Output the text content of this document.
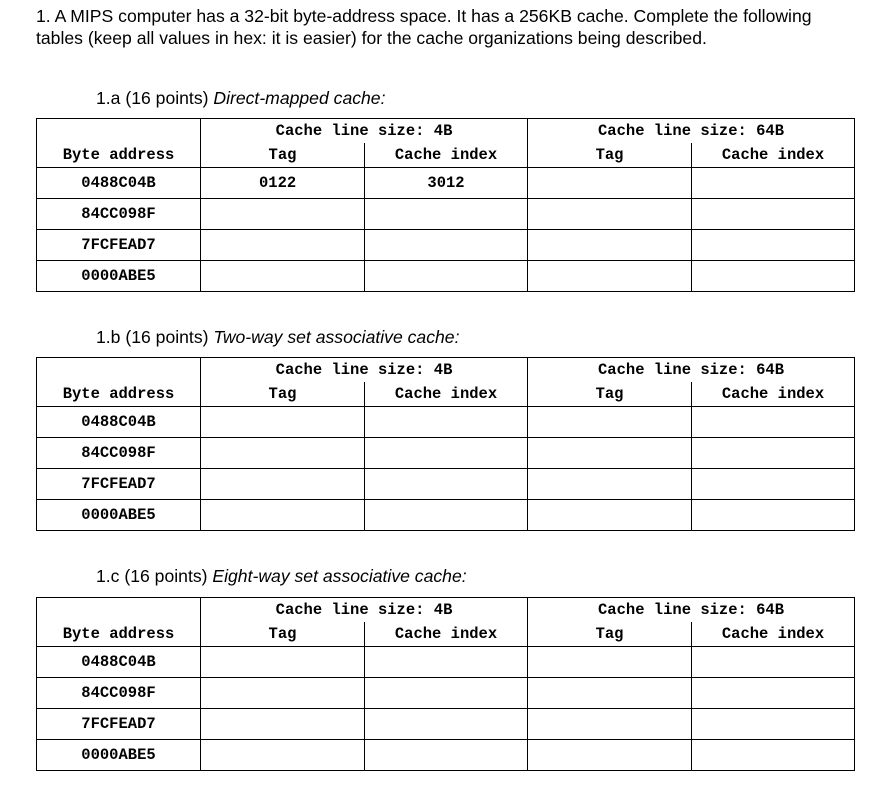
1. A MIPS computer has a 32-bit byte-address space. It has a 256KB cache. Complete the following tables (keep all values in hex: it is easier) for the cache organizations being described.
1.a (16 points) Direct-mapped cache:
	Cache line size: 4B		Cache line size: 64B	
Byte address	Tag	Cache index	Tag	Cache index
0488C04B	0122	3012		
84CC098F				
7FCFEAD7				
0000ABE5				
1.b (16 points) Two-way set associative cache:
	Cache line size: 4B		Cache line size: 64B	
Byte address	Tag	Cache index	Tag	Cache index
0488C04B				
84CC098F				
7FCFEAD7				
0000ABE5				
1.c (16 points) Eight-way set associative cache:
	Cache line size: 4B		Cache line size: 64B	
Byte address	Tag	Cache index	Tag	Cache index
0488C04B				
84CC098F				
7FCFEAD7				
0000ABE5				
